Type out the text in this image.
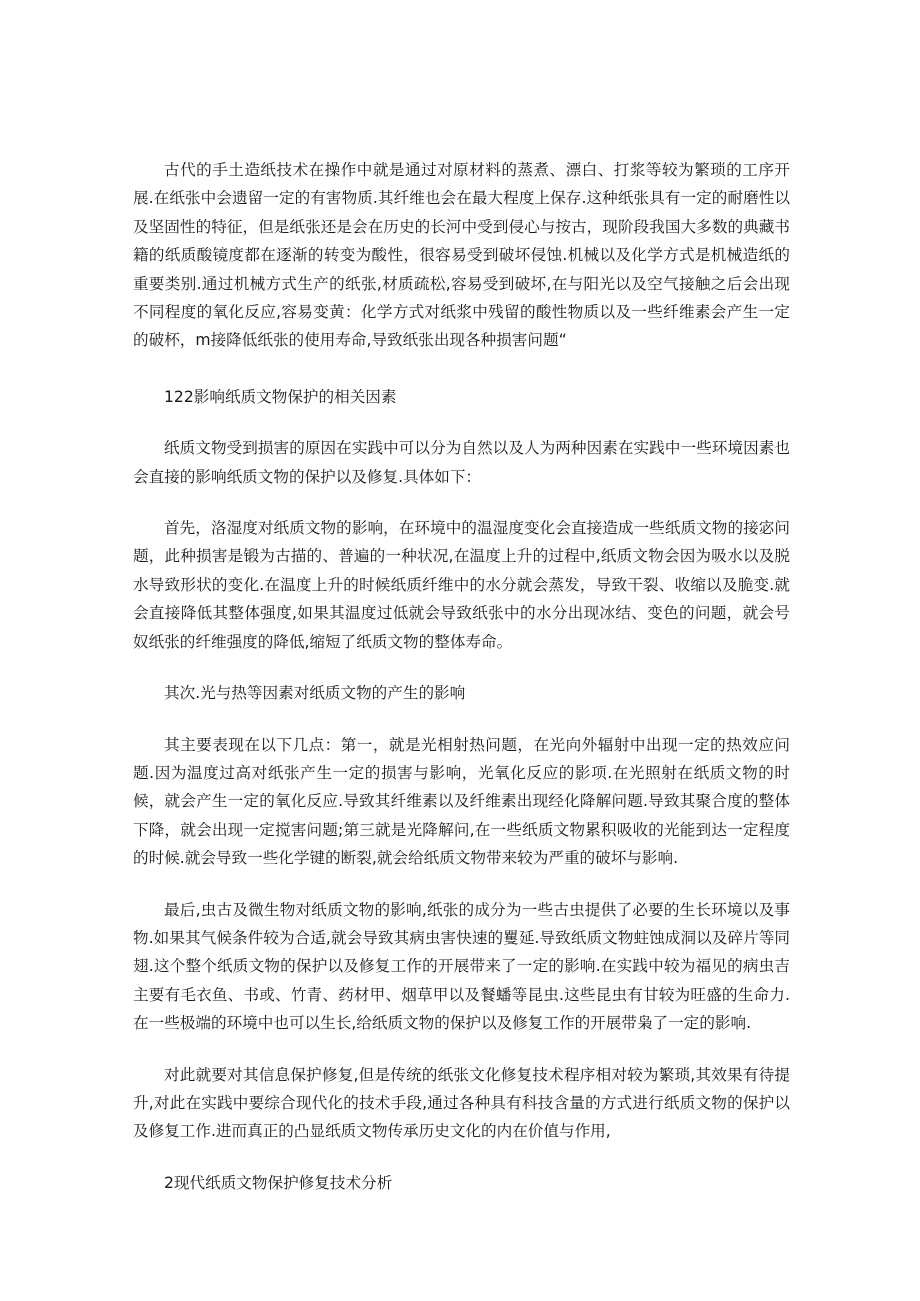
古代的手土造纸技术在操作中就是通过对原材料的蒸煮、漂白、打浆等较为繁琐的工序开展.在纸张中会遗留一定的有害物质.其纤维也会在最大程度上保存.这种纸张具有一定的耐磨性以及坚固性的特征，但是纸张还是会在历史的长河中受到侵心与按古，现阶段我国大多数的典藏书籍的纸质酸镜度都在逐渐的转变为酸性，很容易受到破坏侵蚀.机械以及化学方式是机械造纸的重要类别.通过机械方式生产的纸张,材质疏松,容易受到破坏,在与阳光以及空气接触之后会出现不同程度的氧化反应,容易变黄：化学方式对纸浆中残留的酸性物质以及一些纤维素会产生一定的破杯，m接降低纸张的使用寿命,导致纸张出现各种损害问题“

122影响纸质文物保护的相关因素

纸质文物受到损害的原因在实践中可以分为自然以及人为两种因素在实践中一些环境因素也会直接的影响纸质文物的保护以及修复.具体如下：

首先，洛湿度对纸质文物的影响，在环境中的温湿度变化会直接造成一些纸质文物的接宓问题，此种损害是锻为古描的、普遍的一种状况,在温度上升的过程中,纸质文物会因为吸水以及脱水导致形状的变化.在温度上升的时候纸质纤维中的水分就会蒸发，导致干裂、收缩以及脆变.就会直接降低其整体强度,如果其温度过低就会导致纸张中的水分出现冰结、变色的问题，就会号奴纸张的纤维强度的降低,缩短了纸质文物的整体寿命。

其次.光与热等因素对纸质文物的产生的影响

其主要表现在以下几点：第一，就是光相射热问题，在光向外辐射中出现一定的热效应问题.因为温度过高对纸张产生一定的损害与影响，光氧化反应的影项.在光照射在纸质文物的时候，就会产生一定的氧化反应.导致其纤维素以及纤维素出现经化降解问题.导致其聚合度的整体下降，就会出现一定搅害问题;第三就是光降解问,在一些纸质文物累积吸收的光能到达一定程度的时候.就会导致一些化学键的断裂,就会给纸质文物带来较为严重的破坏与影响.

最后,虫古及微生物对纸质文物的影响,纸张的成分为一些古虫提供了必要的生长环境以及事物.如果其气候条件较为合适,就会导致其病虫害快速的矍延.导致纸质文物蛀蚀成洞以及碎片等同翅.这个整个纸质文物的保护以及修复工作的开展带来了一定的影响.在实践中较为福见的病虫吉主要有毛衣鱼、书或、竹青、药材甲、烟草甲以及餐蟠等昆虫.这些昆虫有甘较为旺盛的生命力.在一些极端的环境中也可以生长,给纸质文物的保护以及修复工作的开展带枭了一定的影响.

对此就要对其信息保护修复,但是传统的纸张文化修复技术程序相对较为繁琐,其效果有待提升,对此在实践中要综合现代化的技术手段,通过各种具有科技含量的方式进行纸质文物的保护以及修复工作.进而真正的凸显纸质文物传承历史文化的内在价值与作用,

2现代纸质文物保护修复技术分析
